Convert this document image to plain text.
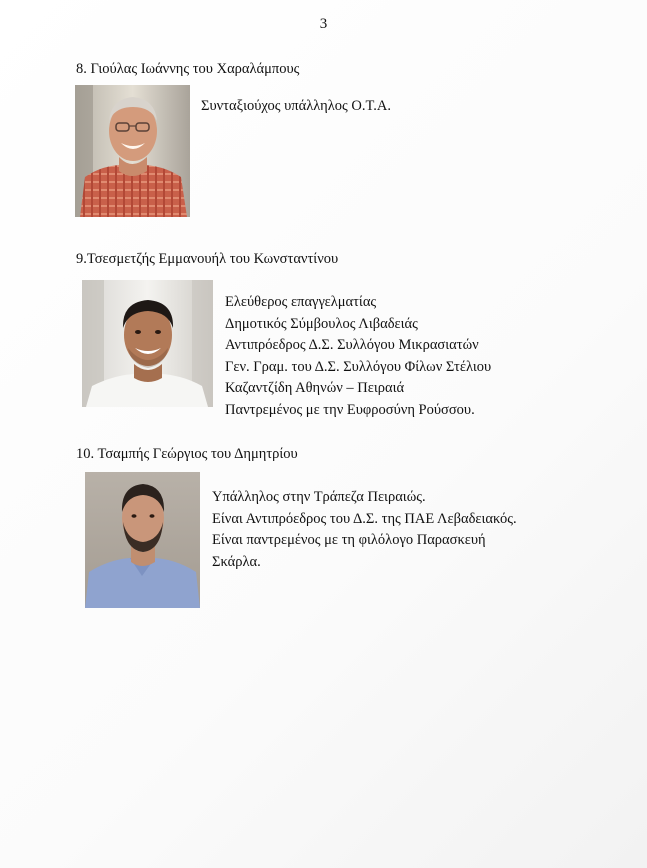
3
8. Γιούλας Ιωάννης του Χαραλάμπους
Συνταξιούχος υπάλληλος Ο.Τ.Α.
9.Τσεσμετζής Εμμανουήλ του Κωνσταντίνου
Ελεύθερος επαγγελματίας
Δημοτικός Σύμβουλος Λιβαδειάς
Αντιπρόεδρος Δ.Σ. Συλλόγου Μικρασιατών
Γεν. Γραμ. του Δ.Σ. Συλλόγου Φίλων Στέλιου
Καζαντζίδη Αθηνών – Πειραιά
Παντρεμένος με την Ευφροσύνη Ρούσσου.
10. Τσαμπής Γεώργιος του Δημητρίου
Υπάλληλος στην Τράπεζα Πειραιώς.
Είναι Αντιπρόεδρος του Δ.Σ. της ΠΑΕ Λεβαδειακός.
Είναι παντρεμένος με τη φιλόλογο Παρασκευή
Σκάρλα.
